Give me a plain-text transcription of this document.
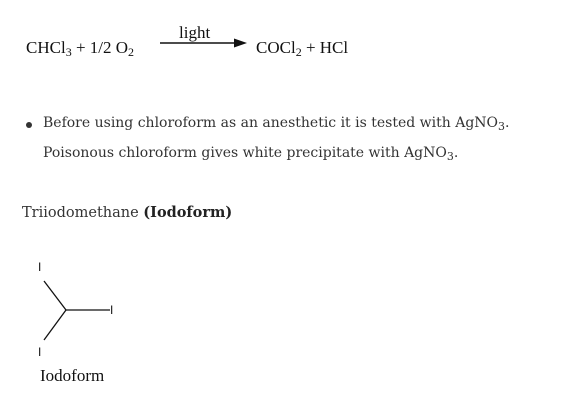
CHCl$_3$ + 1/2 $O_2$
light
COCl$_2$ + HCl
Before using chloroform as an anesthetic it is tested with AgNO$_3$.
Poisonous chloroform gives white precipitate with AgNO$_3$.
Triiodomethane (Iodoform)
I
I
I
Iodoform
